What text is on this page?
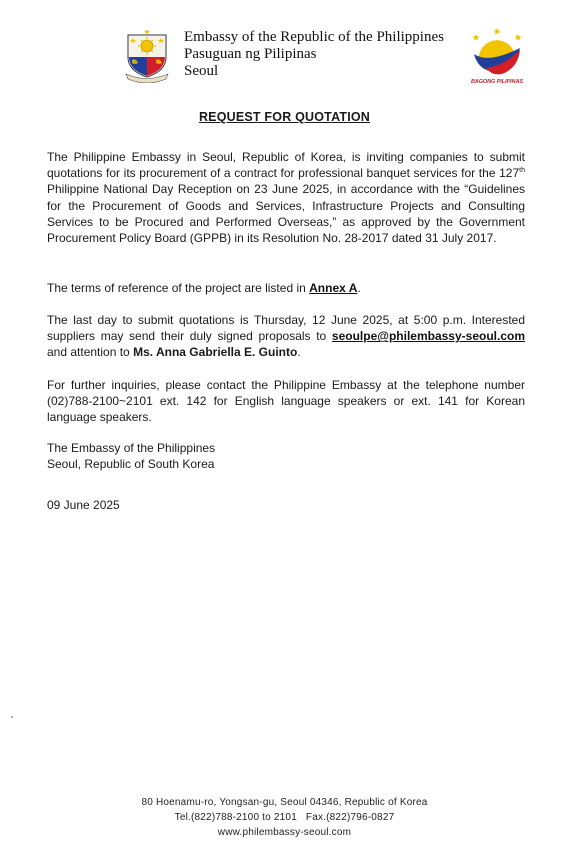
Embassy of the Republic of the Philippines
Pasuguan ng Pilipinas
Seoul
BAGONG PILIPINAS
REQUEST FOR QUOTATION
The Philippine Embassy in Seoul, Republic of Korea, is inviting companies to submit quotations for its procurement of a contract for professional banquet services for the 127th Philippine National Day Reception on 23 June 2025, in accordance with the “Guidelines for the Procurement of Goods and Services, Infrastructure Projects and Consulting Services to be Procured and Performed Overseas,” as approved by the Government Procurement Policy Board (GPPB) in its Resolution No. 28-2017 dated 31 July 2017.
The terms of reference of the project are listed in Annex A.
The last day to submit quotations is Thursday, 12 June 2025, at 5:00 p.m. Interested suppliers may send their duly signed proposals to seoulpe@philembassy-seoul.com and attention to Ms. Anna Gabriella E. Guinto.
For further inquiries, please contact the Philippine Embassy at the telephone number (02)788-2100~2101 ext. 142 for English language speakers or ext. 141 for Korean language speakers.
The Embassy of the Philippines
Seoul, Republic of South Korea
09 June 2025
80 Hoenamu-ro, Yongsan-gu, Seoul 04346, Republic of Korea
Tel.(822)788-2100 to 2101   Fax.(822)796-0827
www.philembassy-seoul.com
